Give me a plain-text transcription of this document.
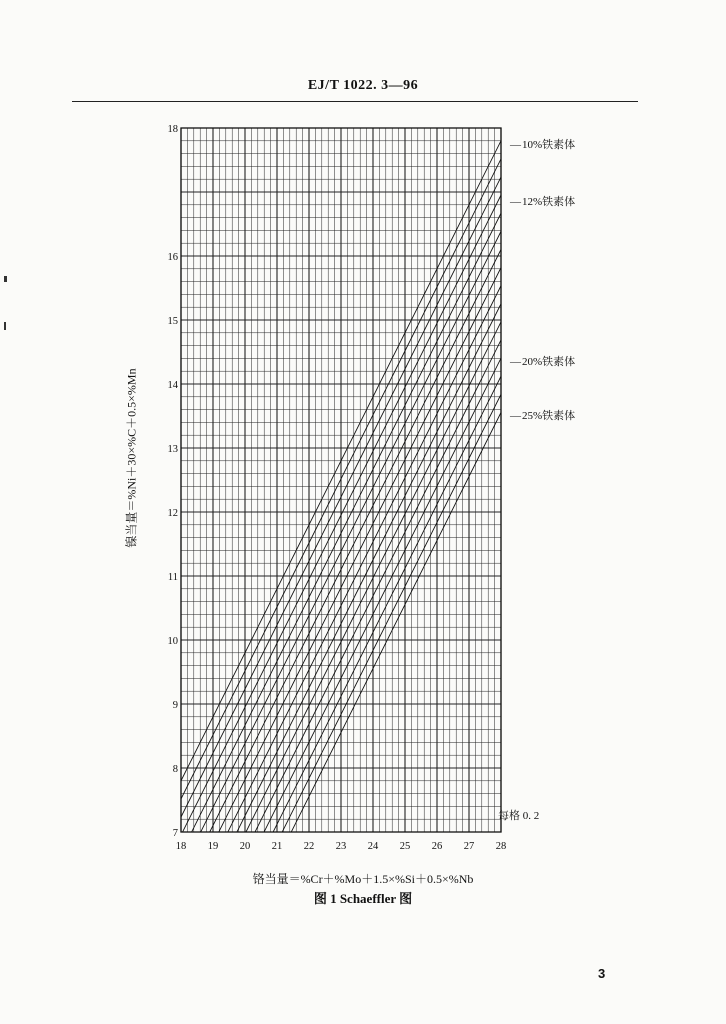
EJ/T 1022. 3—96
18 19 20 21 22 23 24 25 26 27 28
7
8
9
10
11
12
13
14
15
16
18
—10%铁素体
—12%铁素体
—20%铁素体
—25%铁素体
每格 0. 2
镍当量＝%Ni＋30×%C＋0.5×%Mn
铬当量＝%Cr＋%Mo＋1.5×%Si＋0.5×%Nb
图 1 Schaeffler 图
3
